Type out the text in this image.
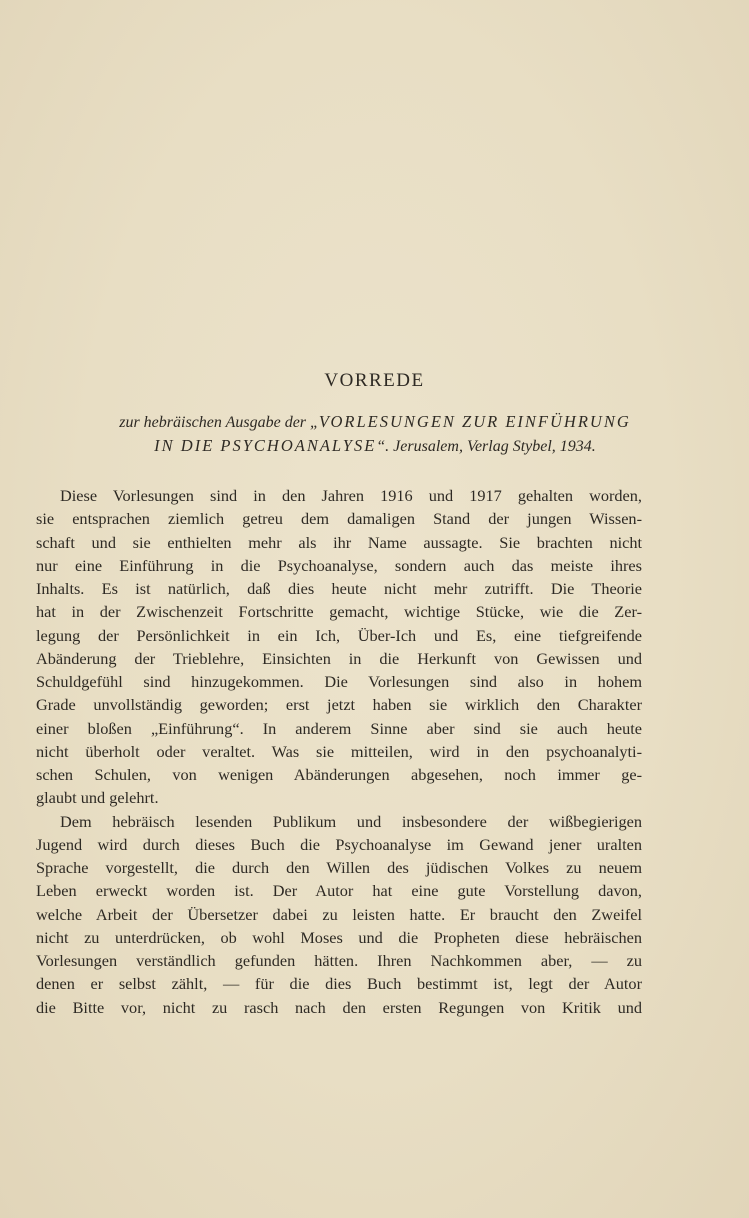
VORREDE
zur hebräischen Ausgabe der „VORLESUNGEN ZUR EINFÜHRUNG
IN DIE PSYCHOANALYSE“. Jerusalem, Verlag Stybel, 1934.
Diese Vorlesungen sind in den Jahren 1916 und 1917 gehalten worden,
sie entsprachen ziemlich getreu dem damaligen Stand der jungen Wissen-
schaft und sie enthielten mehr als ihr Name aussagte. Sie brachten nicht
nur eine Einführung in die Psychoanalyse, sondern auch das meiste ihres
Inhalts. Es ist natürlich, daß dies heute nicht mehr zutrifft. Die Theorie
hat in der Zwischenzeit Fortschritte gemacht, wichtige Stücke, wie die Zer-
legung der Persönlichkeit in ein Ich, Über-Ich und Es, eine tiefgreifende
Abänderung der Trieblehre, Einsichten in die Herkunft von Gewissen und
Schuldgefühl sind hinzugekommen. Die Vorlesungen sind also in hohem
Grade unvollständig geworden; erst jetzt haben sie wirklich den Charakter
einer bloßen „Einführung“. In anderem Sinne aber sind sie auch heute
nicht überholt oder veraltet. Was sie mitteilen, wird in den psychoanalyti-
schen Schulen, von wenigen Abänderungen abgesehen, noch immer ge-
glaubt und gelehrt.
Dem hebräisch lesenden Publikum und insbesondere der wißbegierigen
Jugend wird durch dieses Buch die Psychoanalyse im Gewand jener uralten
Sprache vorgestellt, die durch den Willen des jüdischen Volkes zu neuem
Leben erweckt worden ist. Der Autor hat eine gute Vorstellung davon,
welche Arbeit der Übersetzer dabei zu leisten hatte. Er braucht den Zweifel
nicht zu unterdrücken, ob wohl Moses und die Propheten diese hebräischen
Vorlesungen verständlich gefunden hätten. Ihren Nachkommen aber, — zu
denen er selbst zählt, — für die dies Buch bestimmt ist, legt der Autor
die Bitte vor, nicht zu rasch nach den ersten Regungen von Kritik und
